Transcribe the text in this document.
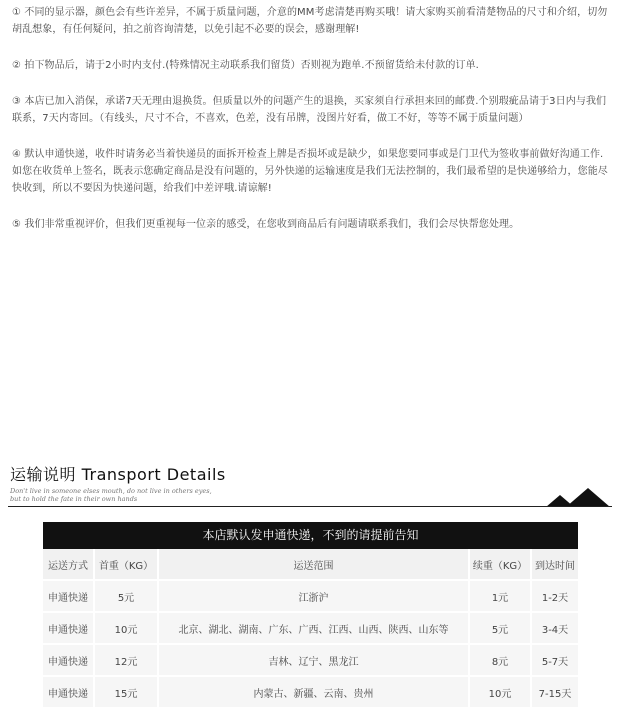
① 不同的显示器，颜色会有些许差异，不属于质量问题，介意的MM考虑清楚再购买哦！请大家购买前看清楚物品的尺寸和介绍，切勿胡乱想象，有任何疑问，拍之前咨询清楚，以免引起不必要的误会，感谢理解!

② 拍下物品后，请于2小时内支付.(特殊情况主动联系我们留货）否则视为跑单.不预留货给未付款的订单.

③ 本店已加入消保，承诺7天无理由退换货。但质量以外的问题产生的退换，买家须自行承担来回的邮费.个别瑕疵品请于3日内与我们联系，7天内寄回。（有线头，尺寸不合，不喜欢，色差，没有吊牌，没图片好看，做工不好，等等不属于质量问题）

④ 默认申通快递，收件时请务必当着快递员的面拆开检查上牌是否损坏或是缺少，如果您要同事或是门卫代为签收事前做好沟通工作.如您在收货单上签名，既表示您确定商品是没有问题的，另外快递的运输速度是我们无法控制的，我们最希望的是快递够给力，您能尽快收到，所以不要因为快递问题，给我们中差评哦.请谅解!

⑤ 我们非常重视评价，但我们更重视每一位亲的感受，在您收到商品后有问题请联系我们，我们会尽快帮您处理。

运输说明 Transport Details
Don't live in someone elses mouth, do not live in others eyes, but to hold the fate in their own hands
本店默认发申通快递，不到的请提前告知
运送方式		首重（KG）		运送范围		续重（KG）		到达时间
申通快递		5元		江浙沪		1元		1-2天
申通快递		10元		北京、湖北、湖南、广东、广西、江西、山西、陕西、山东等		5元		3-4天
申通快递		12元		吉林、辽宁、黑龙江		8元		5-7天
申通快递		15元		内蒙古、新疆、云南、贵州		10元		7-15天
